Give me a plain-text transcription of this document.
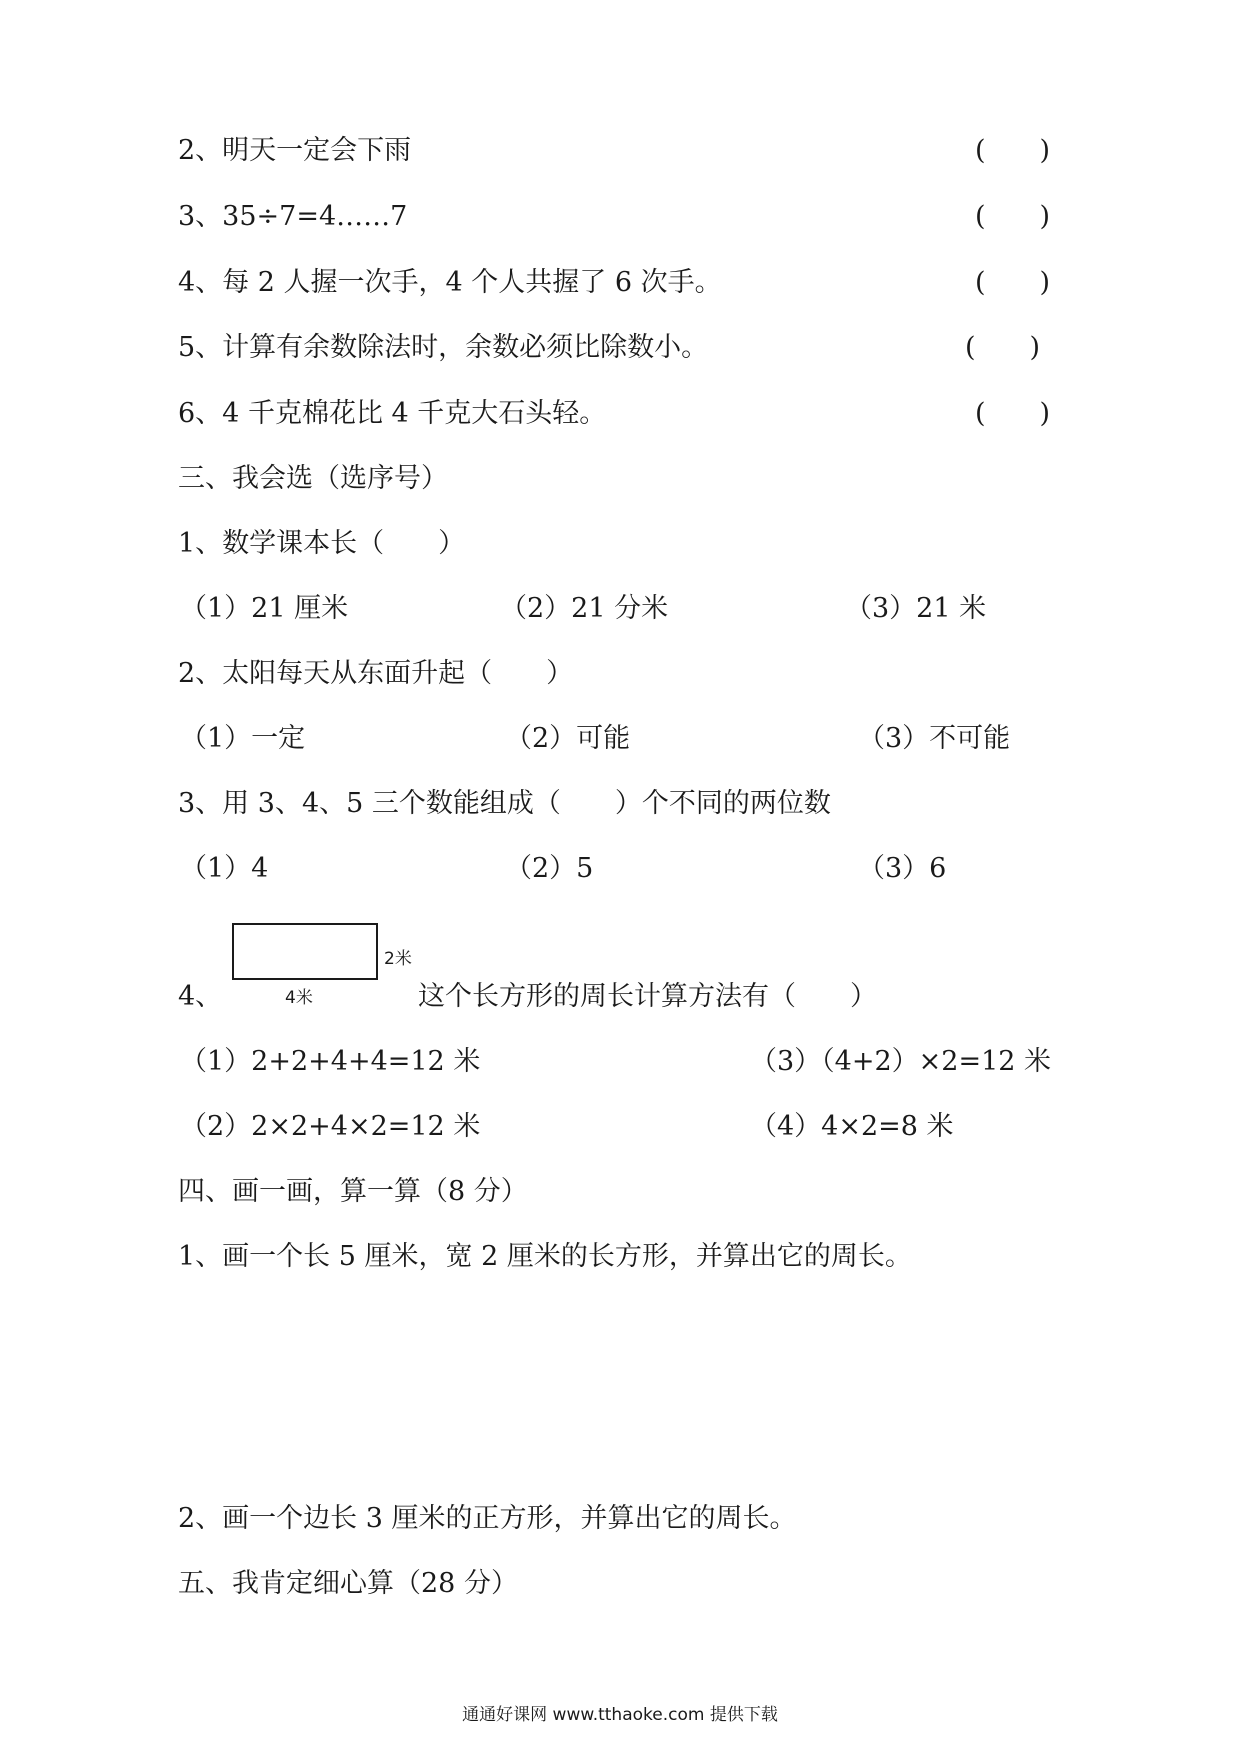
2、明天一定会下雨	(　　)
3、35÷7=4……7	(　　)
4、每 2 人握一次手，4 个人共握了 6 次手。	(　　)
5、计算有余数除法时，余数必须比除数小。	(　　)
6、4 千克棉花比 4 千克大石头轻。	(　　)
三、我会选（选序号）
1、数学课本长（　　）
（1）21 厘米	（2）21 分米	（3）21 米
2、太阳每天从东面升起（　　）
（1）一定	（2）可能	（3）不可能
3、用 3、4、5 三个数能组成（　　）个不同的两位数
（1）4	（2）5	（3）6
2米
4米
4、	这个长方形的周长计算方法有（　　）
（1）2+2+4+4=12 米	（3）（4+2）×2=12 米
（2）2×2+4×2=12 米	（4）4×2=8 米
四、画一画，算一算（8 分）
1、画一个长 5 厘米，宽 2 厘米的长方形，并算出它的周长。
2、画一个边长 3 厘米的正方形，并算出它的周长。
五、我肯定细心算（28 分）
通通好课网 www.tthaoke.com 提供下载
